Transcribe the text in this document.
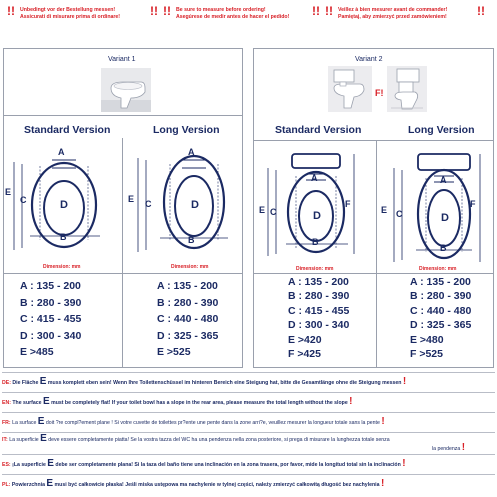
!! Unbedingt vor der Bestellung messen!
Assicurati di misurare prima di ordinare! !! !! Be sure to measure before ordering!
Asegúrese de medir antes de hacer el pedido! !! !! Veillez à bien mesurer avant de commander!
Pamiętaj, aby zmierzyć przed zamówieniem!	!!
Variant 1	Variant 2
F!
Standard Version	Long Version	Standard Version	Long Version
A
D
B
C
E
A
D
B
C
E
A
D
B
C
E
F
A
D
B
C
E
F
Dimension: mm	Dimension: mm	Dimension: mm	Dimension: mm
A : 135 - 200
B : 280 - 390
C : 415 - 455
D : 300 - 340
E >485
A : 135 - 200
B : 280 - 390
C : 440 - 480
D : 325 - 365
E >525
A : 135 - 200
B : 280 - 390
C : 415 - 455
D : 300 - 340
E >420
F >425
A : 135 - 200
B : 280 - 390
C : 440 - 480
D : 325 - 365
E >480
F >525
DE: Die Fläche E muss komplett eben sein! Wenn Ihre Toilettenschüssel im hinteren Bereich eine Steigung hat, bitte die Gesamtlänge ohne die Steigung messen !
EN: The surface E must be completely flat! If your toilet bowl has a slope in the rear area, please measure the total length without the slope !
FR: La surface E doit ?re compl?ement plane ! Si votre cuvette de toilettes pr?ente une pente dans la zone arri?e, veuillez mesurer la longueur totale sans la pente !
IT: La superficie E deve essere completamente piatta! Se la vostra tazza del WC ha una pendenza nella zona posteriore, si prega di misurare la lunghezza totale senza
la pendenza !
ES: ¡La superficie E debe ser completamente plana! Si la taza del baño tiene una inclinación en la zona trasera, por favor, mide la longitud total sin la inclinación !
PL: Powierzchnia E musi być całkowicie płaska! Jeśli miska ustępowa ma nachylenie w tylnej części, należy zmierzyć całkowitą długość bez nachylenia !
